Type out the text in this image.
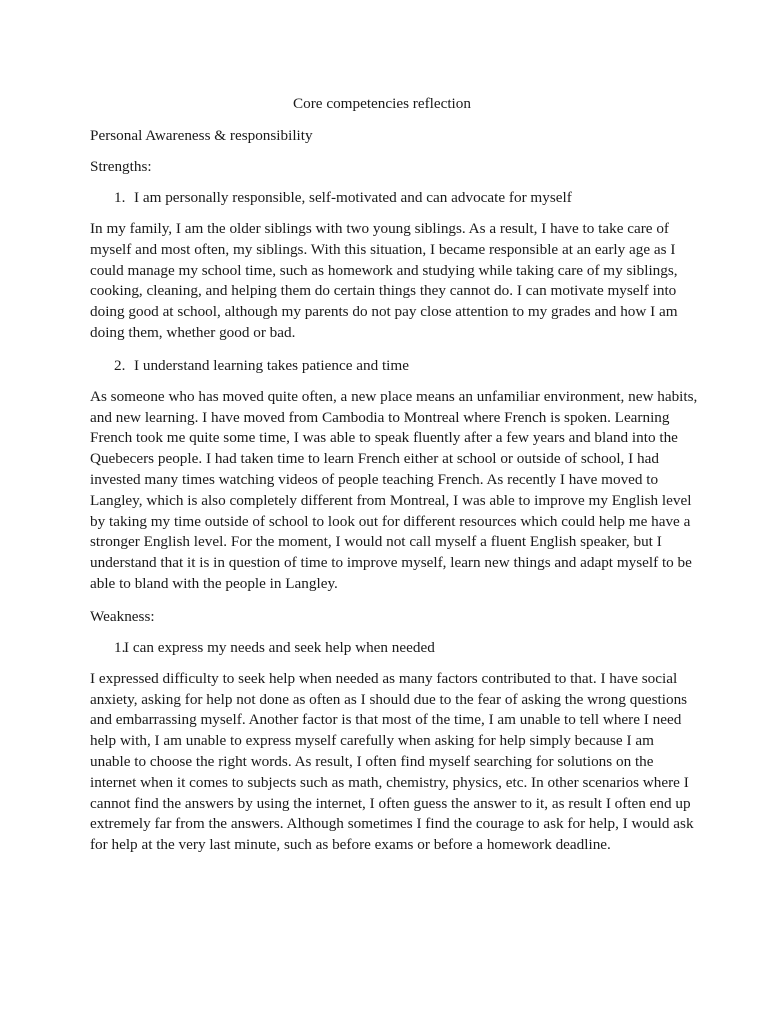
Core competencies reflection
Personal Awareness & responsibility
Strengths:
1. I am personally responsible, self-motivated and can advocate for myself

In my family, I am the older siblings with two young siblings. As a result, I have to take care of myself and most often, my siblings. With this situation, I became responsible at an early age as I could manage my school time, such as homework and studying while taking care of my siblings, cooking, cleaning, and helping them do certain things they cannot do. I can motivate myself into doing good at school, although my parents do not pay close attention to my grades and how I am doing them, whether good or bad.

2. I understand learning takes patience and time

As someone who has moved quite often, a new place means an unfamiliar environment, new habits, and new learning. I have moved from Cambodia to Montreal where French is spoken. Learning French took me quite some time, I was able to speak fluently after a few years and bland into the Quebecers people. I had taken time to learn French either at school or outside of school, I had invested many times watching videos of people teaching French. As recently I have moved to Langley, which is also completely different from Montreal, I was able to improve my English level by taking my time outside of school to look out for different resources which could help me have a stronger English level. For the moment, I would not call myself a fluent English speaker, but I understand that it is in question of time to improve myself, learn new things and adapt myself to be able to bland with the people in Langley.

Weakness:
1.
I can express my needs and seek help when needed

I expressed difficulty to seek help when needed as many factors contributed to that. I have social anxiety, asking for help not done as often as I should due to the fear of asking the wrong questions and embarrassing myself. Another factor is that most of the time, I am unable to tell where I need help with, I am unable to express myself carefully when asking for help simply because I am unable to choose the right words. As result, I often find myself searching for solutions on the internet when it comes to subjects such as math, chemistry, physics, etc. In other scenarios where I cannot find the answers by using the internet, I often guess the answer to it, as result I often end up extremely far from the answers. Although sometimes I find the courage to ask for help, I would ask for help at the very last minute, such as before exams or before a homework deadline.
